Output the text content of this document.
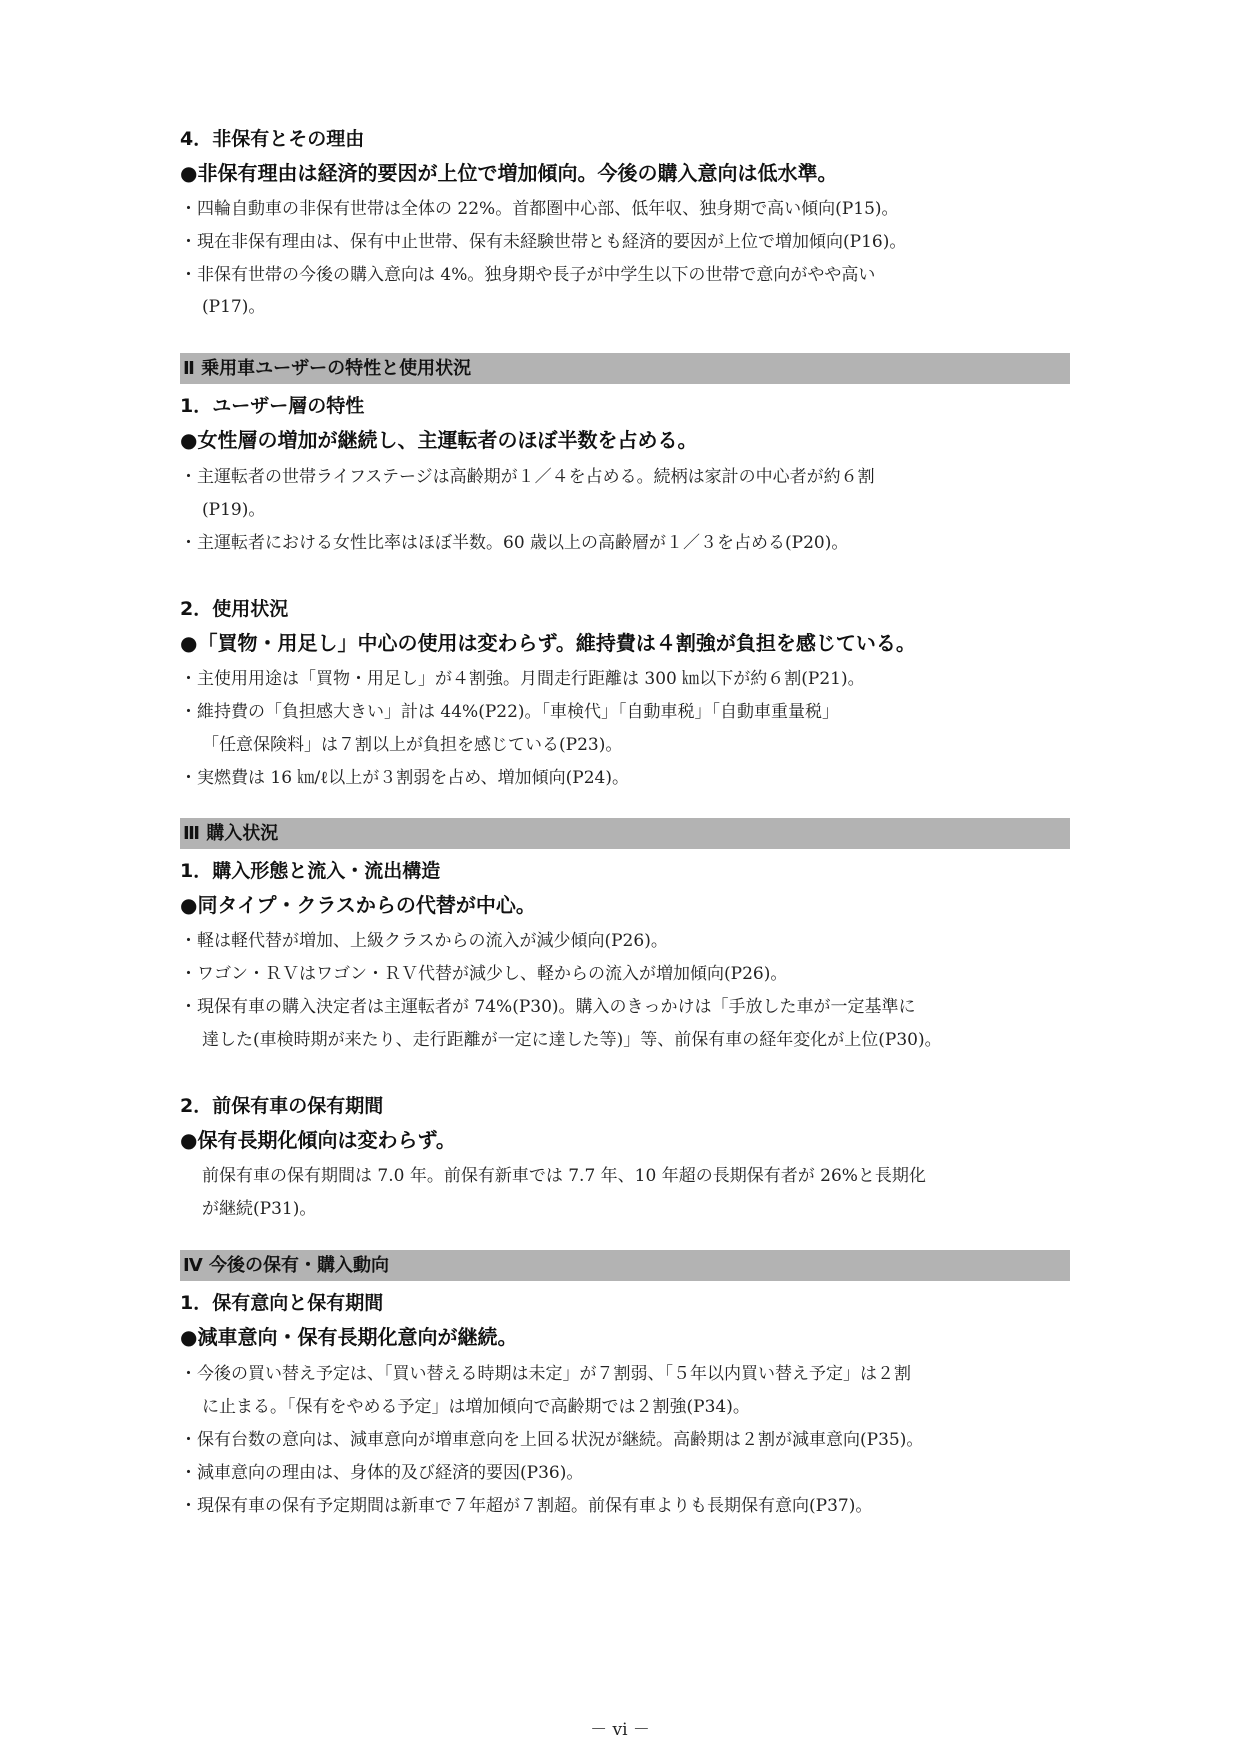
4．非保有とその理由
●非保有理由は経済的要因が上位で増加傾向。今後の購入意向は低水準。
・四輪自動車の非保有世帯は全体の 22%。首都圏中心部、低年収、独身期で高い傾向(P15)。
・現在非保有理由は、保有中止世帯、保有未経験世帯とも経済的要因が上位で増加傾向(P16)。
・非保有世帯の今後の購入意向は 4%。独身期や長子が中学生以下の世帯で意向がやや高い
(P17)。
Ⅱ 乗用車ユーザーの特性と使用状況
1．ユーザー層の特性
●女性層の増加が継続し、主運転者のほぼ半数を占める。
・主運転者の世帯ライフステージは高齢期が１／４を占める。続柄は家計の中心者が約６割
(P19)。
・主運転者における女性比率はほぼ半数。60 歳以上の高齢層が１／３を占める(P20)。
2．使用状況
●「買物・用足し」中心の使用は変わらず。維持費は４割強が負担を感じている。
・主使用用途は「買物・用足し」が４割強。月間走行距離は 300 ㎞以下が約６割(P21)。
・維持費の「負担感大きい」計は 44%(P22)。「車検代」「自動車税」「自動車重量税」
「任意保険料」は７割以上が負担を感じている(P23)。
・実燃費は 16 ㎞/ℓ以上が３割弱を占め、増加傾向(P24)。
Ⅲ 購入状況
1．購入形態と流入・流出構造
●同タイプ・クラスからの代替が中心。
・軽は軽代替が増加、上級クラスからの流入が減少傾向(P26)。
・ワゴン・ＲＶはワゴン・ＲＶ代替が減少し、軽からの流入が増加傾向(P26)。
・現保有車の購入決定者は主運転者が 74%(P30)。購入のきっかけは「手放した車が一定基準に
達した(車検時期が来たり、走行距離が一定に達した等)」等、前保有車の経年変化が上位(P30)。
2．前保有車の保有期間
●保有長期化傾向は変わらず。
前保有車の保有期間は 7.0 年。前保有新車では 7.7 年、10 年超の長期保有者が 26%と長期化
が継続(P31)。
Ⅳ 今後の保有・購入動向
1．保有意向と保有期間
●減車意向・保有長期化意向が継続。
・今後の買い替え予定は、「買い替える時期は未定」が７割弱、「５年以内買い替え予定」は２割
に止まる。「保有をやめる予定」は増加傾向で高齢期では２割強(P34)。
・保有台数の意向は、減車意向が増車意向を上回る状況が継続。高齢期は２割が減車意向(P35)。
・減車意向の理由は、身体的及び経済的要因(P36)。
・現保有車の保有予定期間は新車で７年超が７割超。前保有車よりも長期保有意向(P37)。
－ vi －
